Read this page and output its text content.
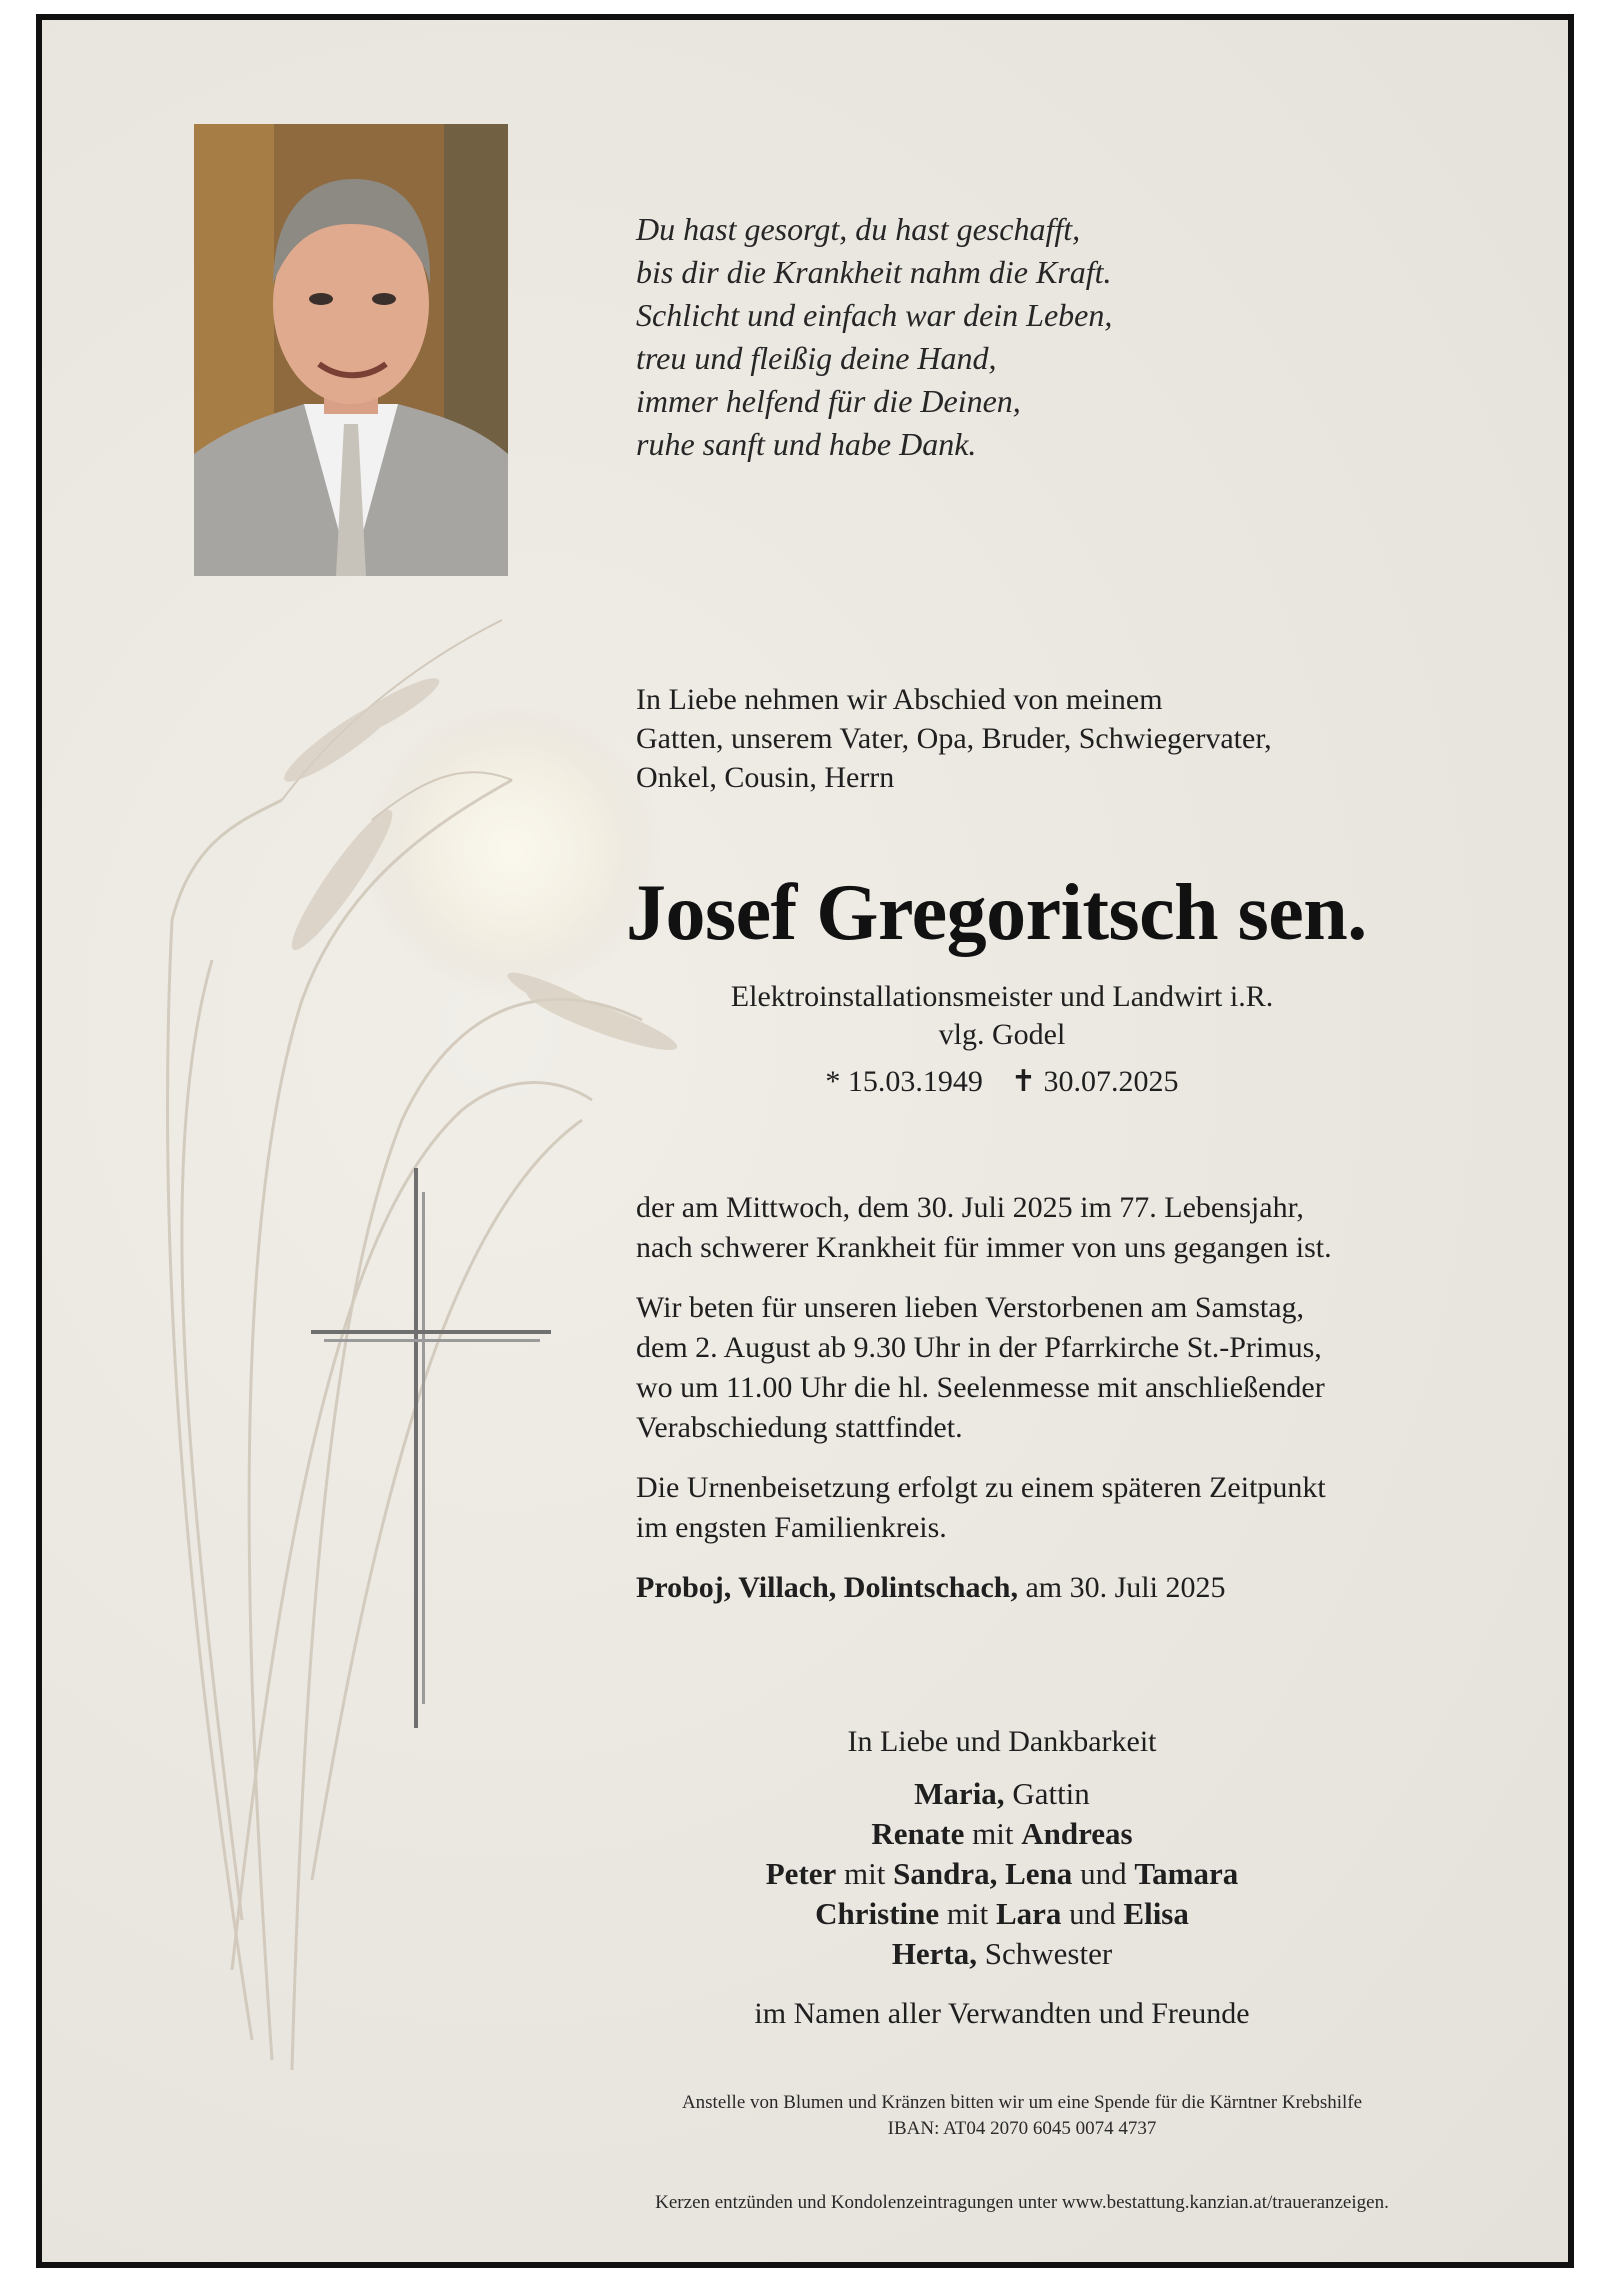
Du hast gesorgt, du hast geschafft,
bis dir die Krankheit nahm die Kraft.
Schlicht und einfach war dein Leben,
treu und fleißig deine Hand,
immer helfend für die Deinen,
ruhe sanft und habe Dank.
In Liebe nehmen wir Abschied von meinem
Gatten, unserem Vater, Opa, Bruder, Schwiegervater,
Onkel, Cousin, Herrn
Josef Gregoritsch sen.
Elektroinstallationsmeister und Landwirt i.R.
vlg. Godel
* 15.03.1949 ✝ 30.07.2025

der am Mittwoch, dem 30. Juli 2025 im 77. Lebensjahr,
nach schwerer Krankheit für immer von uns gegangen ist.

Wir beten für unseren lieben Verstorbenen am Samstag,
dem 2. August ab 9.30 Uhr in der Pfarrkirche St.-Primus,
wo um 11.00 Uhr die hl. Seelenmesse mit anschließender
Verabschiedung stattfindet.

Die Urnenbeisetzung erfolgt zu einem späteren Zeitpunkt
im engsten Familienkreis.

Proboj, Villach, Dolintschach, am 30. Juli 2025

In Liebe und Dankbarkeit
Maria, Gattin
Renate mit Andreas
Peter mit Sandra, Lena und Tamara
Christine mit Lara und Elisa
Herta, Schwester
im Namen aller Verwandten und Freunde
Anstelle von Blumen und Kränzen bitten wir um eine Spende für die Kärntner Krebshilfe
IBAN: AT04 2070 6045 0074 4737
Kerzen entzünden und Kondolenzeintragungen unter www.bestattung.kanzian.at/traueranzeigen.
